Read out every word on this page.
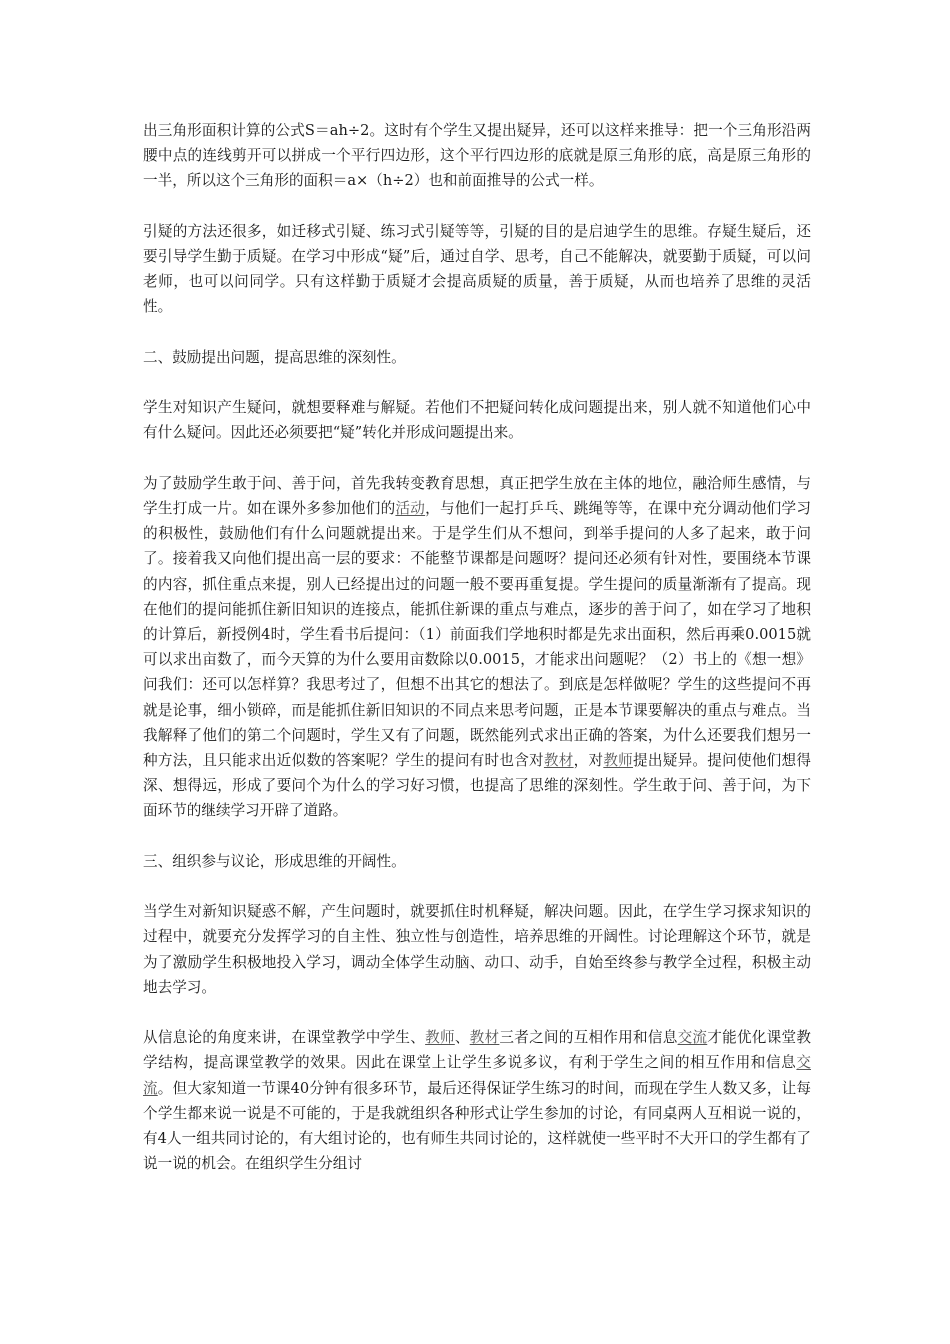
出三角形面积计算的公式S＝ah÷2。这时有个学生又提出疑异，还可以这样来推导：把一个三角形沿两腰中点的连线剪开可以拼成一个平行四边形，这个平行四边形的底就是原三角形的底，高是原三角形的一半，所以这个三角形的面积＝a×（h÷2）也和前面推导的公式一样。

引疑的方法还很多，如迁移式引疑、练习式引疑等等，引疑的目的是启迪学生的思维。存疑生疑后，还要引导学生勤于质疑。在学习中形成“疑”后，通过自学、思考，自己不能解决，就要勤于质疑，可以问老师，也可以问同学。只有这样勤于质疑才会提高质疑的质量，善于质疑，从而也培养了思维的灵活性。

二、鼓励提出问题，提高思维的深刻性。

学生对知识产生疑问，就想要释难与解疑。若他们不把疑问转化成问题提出来，别人就不知道他们心中有什么疑问。因此还必须要把“疑”转化并形成问题提出来。

为了鼓励学生敢于问、善于问，首先我转变教育思想，真正把学生放在主体的地位，融洽师生感情，与学生打成一片。如在课外多参加他们的活动，与他们一起打乒乓、跳绳等等，在课中充分调动他们学习的积极性，鼓励他们有什么问题就提出来。于是学生们从不想问，到举手提问的人多了起来，敢于问了。接着我又向他们提出高一层的要求：不能整节课都是问题呀？提问还必须有针对性，要围绕本节课的内容，抓住重点来提，别人已经提出过的问题一般不要再重复提。学生提问的质量渐渐有了提高。现在他们的提问能抓住新旧知识的连接点，能抓住新课的重点与难点，逐步的善于问了，如在学习了地积的计算后，新授例4时，学生看书后提问：（1）前面我们学地积时都是先求出面积，然后再乘0.0015就可以求出亩数了，而今天算的为什么要用亩数除以0.0015，才能求出问题呢？（2）书上的《想一想》问我们：还可以怎样算？我思考过了，但想不出其它的想法了。到底是怎样做呢？学生的这些提问不再就是论事，细小锁碎，而是能抓住新旧知识的不同点来思考问题，正是本节课要解决的重点与难点。当我解释了他们的第二个问题时，学生又有了问题，既然能列式求出正确的答案，为什么还要我们想另一种方法，且只能求出近似数的答案呢？学生的提问有时也含对教材，对教师提出疑异。提问使他们想得深、想得远，形成了要问个为什么的学习好习惯，也提高了思维的深刻性。学生敢于问、善于问，为下面环节的继续学习开辟了道路。

三、组织参与议论，形成思维的开阔性。

当学生对新知识疑惑不解，产生问题时，就要抓住时机释疑，解决问题。因此，在学生学习探求知识的过程中，就要充分发挥学习的自主性、独立性与创造性，培养思维的开阔性。讨论理解这个环节，就是为了激励学生积极地投入学习，调动全体学生动脑、动口、动手，自始至终参与教学全过程，积极主动地去学习。

从信息论的角度来讲，在课堂教学中学生、教师、教材三者之间的互相作用和信息交流才能优化课堂教学结构，提高课堂教学的效果。因此在课堂上让学生多说多议，有利于学生之间的相互作用和信息交流。但大家知道一节课40分钟有很多环节，最后还得保证学生练习的时间，而现在学生人数又多，让每个学生都来说一说是不可能的，于是我就组织各种形式让学生参加的讨论，有同桌两人互相说一说的，有4人一组共同讨论的，有大组讨论的，也有师生共同讨论的，这样就使一些平时不大开口的学生都有了说一说的机会。在组织学生分组讨
